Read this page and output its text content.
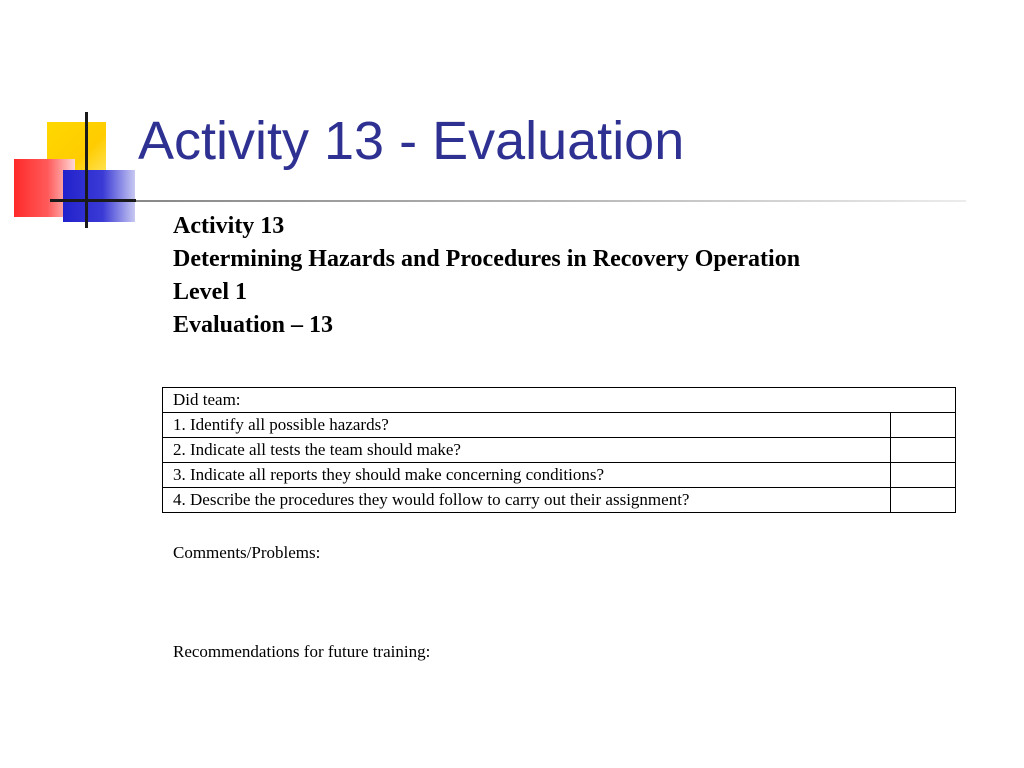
Activity 13 - Evaluation
Activity 13
Determining Hazards and Procedures in Recovery Operation
Level 1
Evaluation – 13
Did team:	
1. Identify all possible hazards?	
2. Indicate all tests the team should make?	
3. Indicate all reports they should make concerning conditions?	
4. Describe the procedures they would follow to carry out their assignment?	
Comments/Problems:
Recommendations for future training:
